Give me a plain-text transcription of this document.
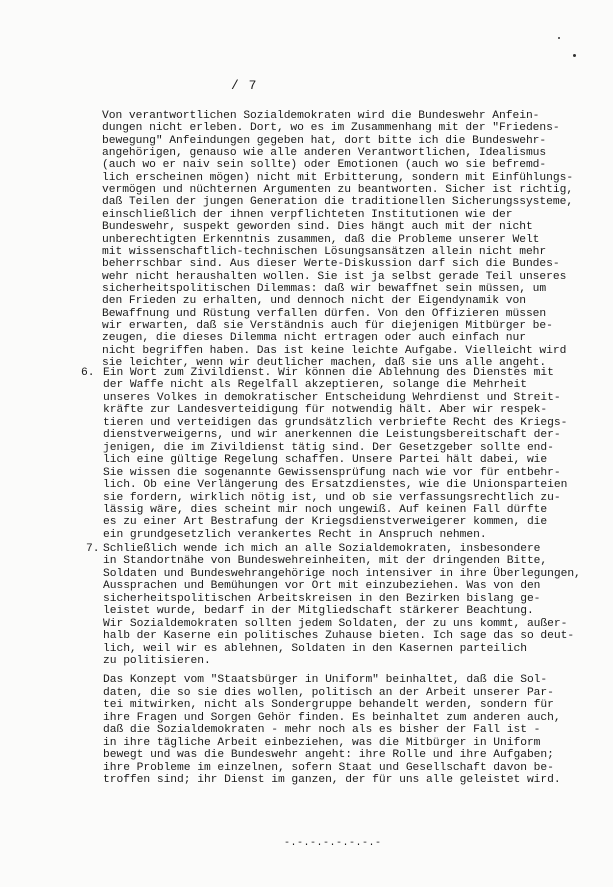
/ 7
Von verantwortlichen Sozialdemokraten wird die Bundeswehr Anfein-
dungen nicht erleben. Dort, wo es im Zusammenhang mit der "Friedens-
bewegung" Anfeindungen gegeben hat, dort bitte ich die Bundeswehr-
angehörigen, genauso wie alle anderen Verantwortlichen, Idealismus
(auch wo er naiv sein sollte) oder Emotionen (auch wo sie befremd-
lich erscheinen mögen) nicht mit Erbitterung, sondern mit Einfühlungs-
vermögen und nüchternen Argumenten zu beantworten. Sicher ist richtig,
daß Teilen der jungen Generation die traditionellen Sicherungssysteme,
einschließlich der ihnen verpflichteten Institutionen wie der
Bundeswehr, suspekt geworden sind. Dies hängt auch mit der nicht
unberechtigten Erkenntnis zusammen, daß die Probleme unserer Welt
mit wissenschaftlich-technischen Lösungsansätzen allein nicht mehr
beherrschbar sind. Aus dieser Werte-Diskussion darf sich die Bundes-
wehr nicht heraushalten wollen. Sie ist ja selbst gerade Teil unseres
sicherheitspolitischen Dilemmas: daß wir bewaffnet sein müssen, um
den Frieden zu erhalten, und dennoch nicht der Eigendynamik von
Bewaffnung und Rüstung verfallen dürfen. Von den Offizieren müssen
wir erwarten, daß sie Verständnis auch für diejenigen Mitbürger be-
zeugen, die dieses Dilemma nicht ertragen oder auch einfach nur
nicht begriffen haben. Das ist keine leichte Aufgabe. Vielleicht wird
sie leichter, wenn wir deutlicher machen, daß sie uns alle angeht.
6. Ein Wort zum Zivildienst. Wir können die Ablehnung des Dienstes mit
der Waffe nicht als Regelfall akzeptieren, solange die Mehrheit
unseres Volkes in demokratischer Entscheidung Wehrdienst und Streit-
kräfte zur Landesverteidigung für notwendig hält. Aber wir respek-
tieren und verteidigen das grundsätzlich verbriefte Recht des Kriegs-
dienstverweigerns, und wir anerkennen die Leistungsbereitschaft der-
jenigen, die im Zivildienst tätig sind. Der Gesetzgeber sollte end-
lich eine gültige Regelung schaffen. Unsere Partei hält dabei, wie
Sie wissen die sogenannte Gewissensprüfung nach wie vor für entbehr-
lich. Ob eine Verlängerung des Ersatzdienstes, wie die Unionsparteien
sie fordern, wirklich nötig ist, und ob sie verfassungsrechtlich zu-
lässig wäre, dies scheint mir noch ungewiß. Auf keinen Fall dürfte
es zu einer Art Bestrafung der Kriegsdienstverweigerer kommen, die
ein grundgesetzlich verankertes Recht in Anspruch nehmen.
7. Schließlich wende ich mich an alle Sozialdemokraten, insbesondere
in Standortnähe von Bundeswehreinheiten, mit der dringenden Bitte,
Soldaten und Bundeswehrangehörige noch intensiver in ihre Überlegungen,
Aussprachen und Bemühungen vor Ort mit einzubeziehen. Was von den
sicherheitspolitischen Arbeitskreisen in den Bezirken bislang ge-
leistet wurde, bedarf in der Mitgliedschaft stärkerer Beachtung.
Wir Sozialdemokraten sollten jedem Soldaten, der zu uns kommt, außer-
halb der Kaserne ein politisches Zuhause bieten. Ich sage das so deut-
lich, weil wir es ablehnen, Soldaten in den Kasernen parteilich
zu politisieren.
Das Konzept vom "Staatsbürger in Uniform" beinhaltet, daß die Sol-
daten, die so sie dies wollen, politisch an der Arbeit unserer Par-
tei mitwirken, nicht als Sondergruppe behandelt werden, sondern für
ihre Fragen und Sorgen Gehör finden. Es beinhaltet zum anderen auch,
daß die Sozialdemokraten - mehr noch als es bisher der Fall ist -
in ihre tägliche Arbeit einbeziehen, was die Mitbürger in Uniform
bewegt und was die Bundeswehr angeht: ihre Rolle und ihre Aufgaben;
ihre Probleme im einzelnen, sofern Staat und Gesellschaft davon be-
troffen sind; ihr Dienst im ganzen, der für uns alle geleistet wird.
-.-.-.-.-.-.-.-
